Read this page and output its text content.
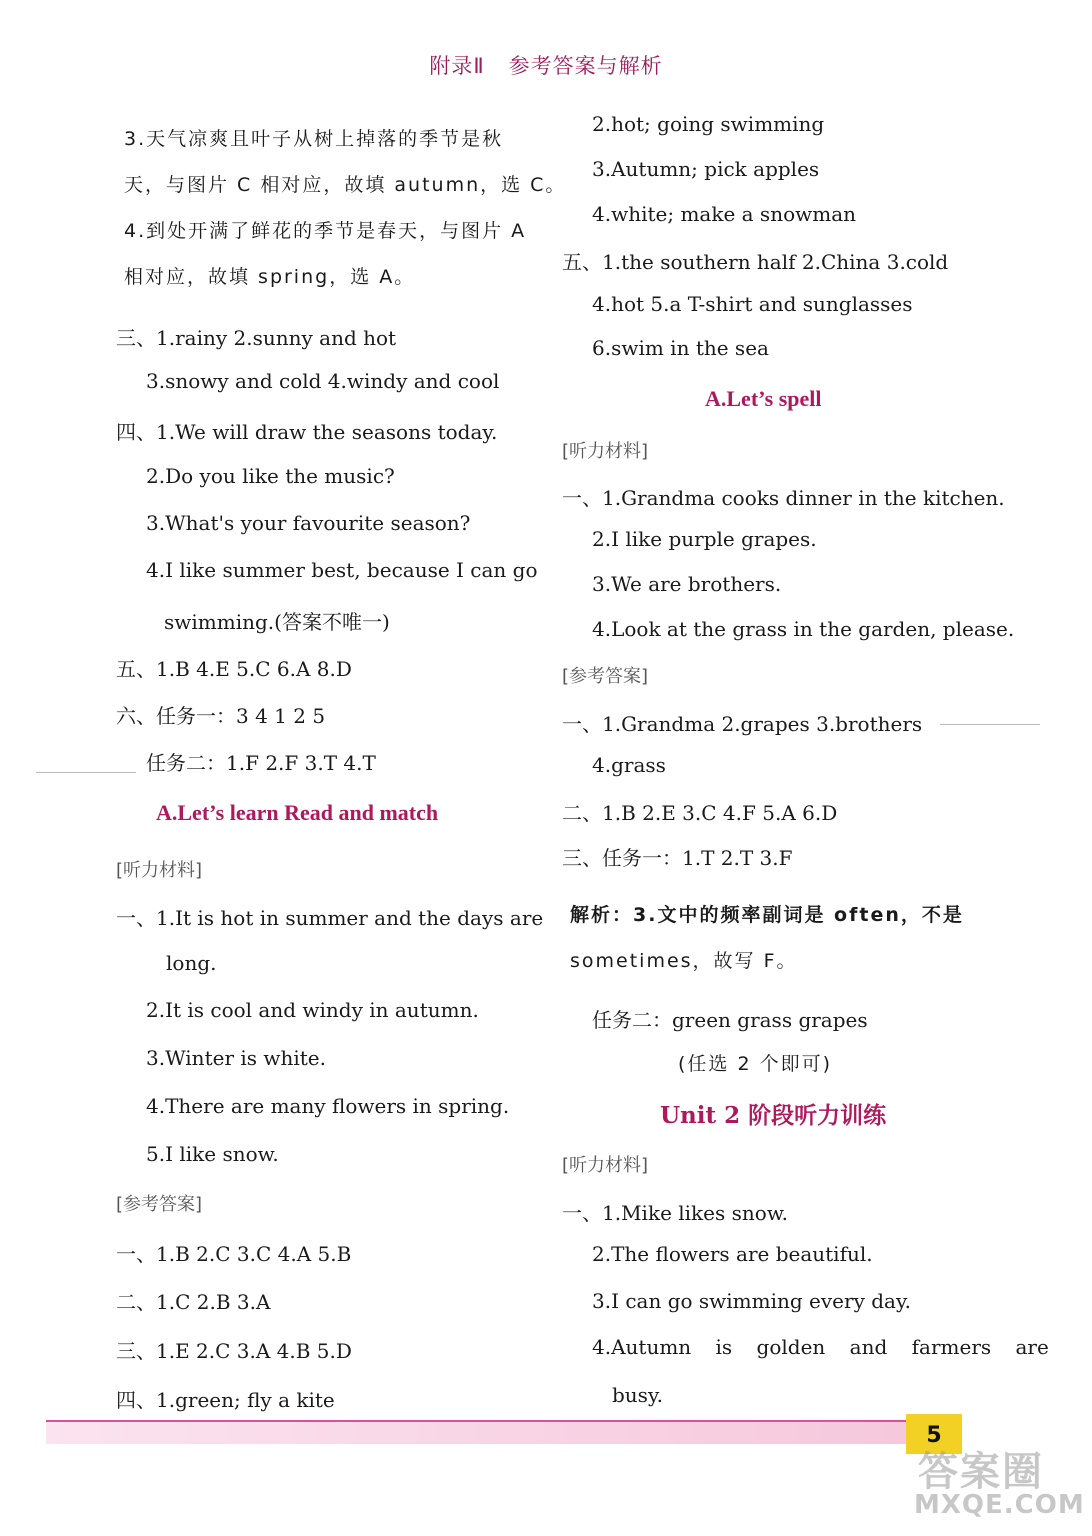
附录Ⅱ 参考答案与解析
3.天气凉爽且叶子从树上掉落的季节是秋
天，与图片 C 相对应，故填 autumn，选 C。
4.到处开满了鲜花的季节是春天，与图片 A
相对应，故填 spring，选 A。
三、1.rainy 2.sunny and hot
3.snowy and cold 4.windy and cool
四、1.We will draw the seasons today.
2.Do you like the music?
3.What's your favourite season?
4.I like summer best, because I can go
swimming.(答案不唯一)
五、1.B 4.E 5.C 6.A 8.D
六、任务一：3 4 1 2 5
任务二：1.F 2.F 3.T 4.T
A.Let’s learn Read and match
[听力材料]
一、1.It is hot in summer and the days are
long.
2.It is cool and windy in autumn.
3.Winter is white.
4.There are many flowers in spring.
5.I like snow.
[参考答案]
一、1.B 2.C 3.C 4.A 5.B
二、1.C 2.B 3.A
三、1.E 2.C 3.A 4.B 5.D
四、1.green; fly a kite
2.hot; going swimming
3.Autumn; pick apples
4.white; make a snowman
五、1.the southern half 2.China 3.cold
4.hot 5.a T-shirt and sunglasses
6.swim in the sea
A.Let’s spell
[听力材料]
一、1.Grandma cooks dinner in the kitchen.
2.I like purple grapes.
3.We are brothers.
4.Look at the grass in the garden, please.
[参考答案]
一、1.Grandma 2.grapes 3.brothers
4.grass
二、1.B 2.E 3.C 4.F 5.A 6.D
三、任务一：1.T 2.T 3.F
解析：3.文中的频率副词是 often，不是
sometimes，故写 F。
任务二：green grass grapes
(任选 2 个即可)
Unit 2 阶段听力训练
[听力材料]
一、1.Mike likes snow.
2.The flowers are beautiful.
3.I can go swimming every day.
4.Autumn is golden and farmers are
busy.
5
答案圈
MXQE.COM
